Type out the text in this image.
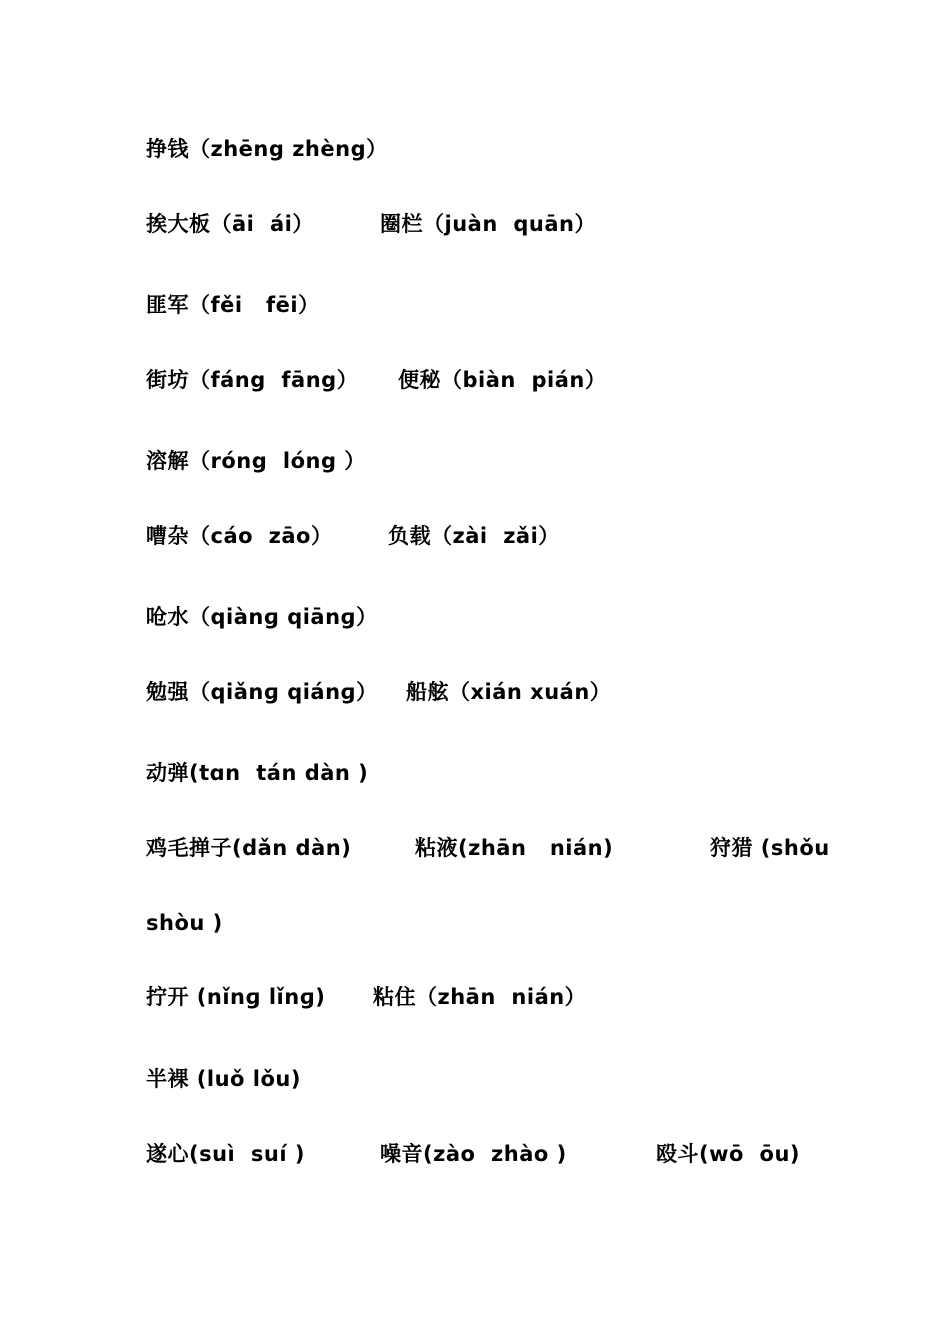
挣钱（zhēng zhèng）

挨大板（āi  ái）

	圈栏（juàn  quān）

匪军（fěi   fēi）

街坊（fáng  fāng）

便秘（biàn  pián）

溶解（róng  lóng ）

嘈杂（cáo  zāo）

	负载（zài  zǎi）

呛水（qiànɡ qiānɡ）

勉强（qiǎnɡ qiánɡ）

船舷（xián xuán）

动弹(tɑn  tán dàn )

鸡毛掸子(dǎn dàn)

	粘液(zhān   nián)

	狩猎 (shǒu

shòu )

拧开 (nǐnɡ lǐnɡ)

粘住（zhān  nián）

半裸 (luǒ lǒu)

遂心(suì  suí )

	噪音(zào  zhào )

	殴斗(wō  ōu)
